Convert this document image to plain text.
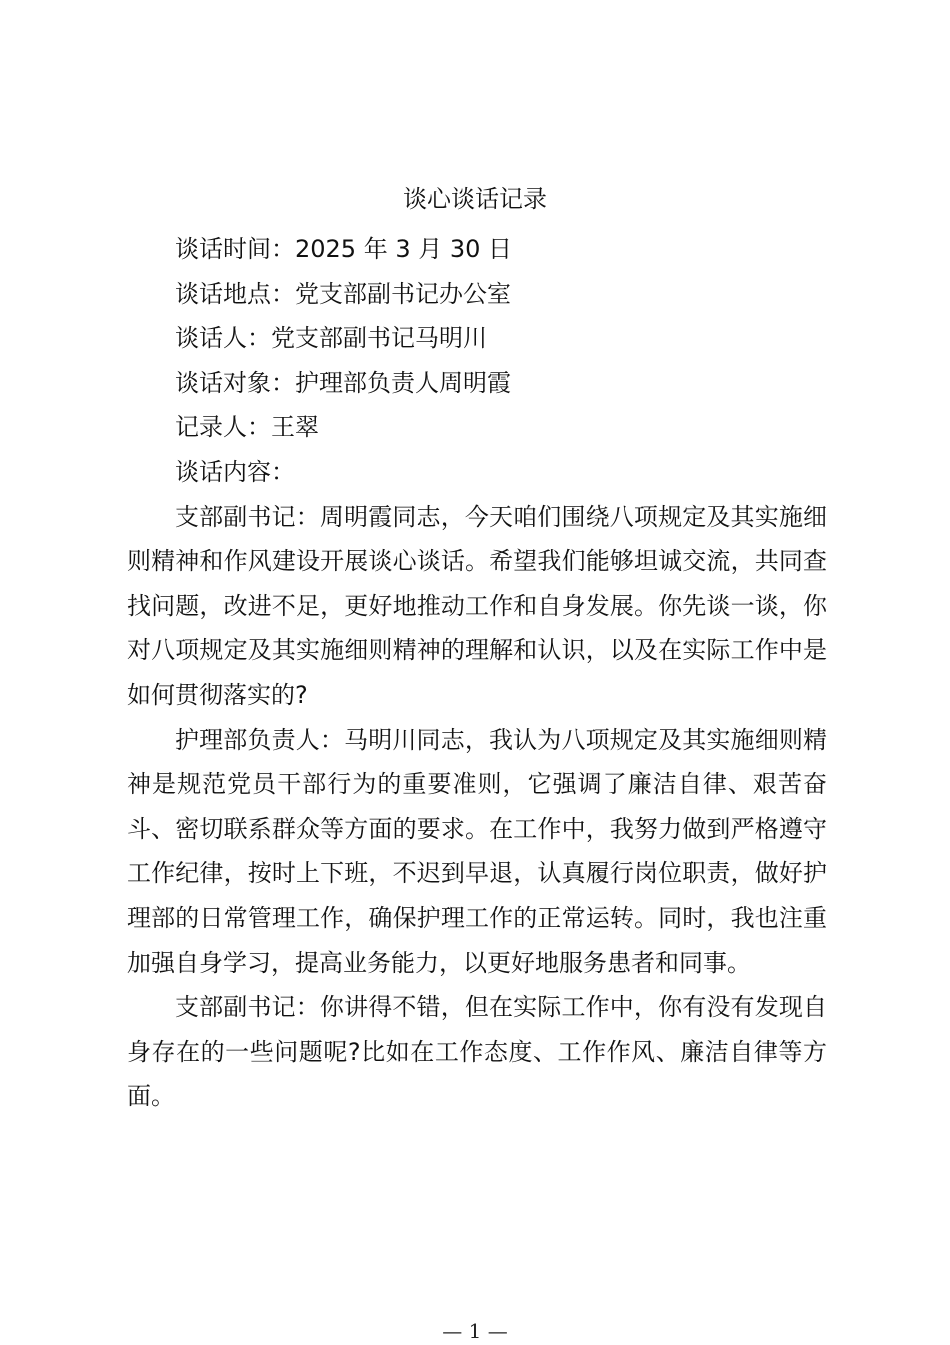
谈心谈话记录

谈话时间：2025 年 3 月 30 日

谈话地点：党支部副书记办公室

谈话人：党支部副书记马明川

谈话对象：护理部负责人周明霞

记录人：王翠

谈话内容：

支部副书记：周明霞同志，今天咱们围绕八项规定及其实施细则精神和作风建设开展谈心谈话。希望我们能够坦诚交流，共同查找问题，改进不足，更好地推动工作和自身发展。你先谈一谈，你对八项规定及其实施细则精神的理解和认识，以及在实际工作中是如何贯彻落实的?

护理部负责人：马明川同志，我认为八项规定及其实施细则精神是规范党员干部行为的重要准则，它强调了廉洁自律、艰苦奋斗、密切联系群众等方面的要求。在工作中，我努力做到严格遵守工作纪律，按时上下班，不迟到早退，认真履行岗位职责，做好护理部的日常管理工作，确保护理工作的正常运转。同时，我也注重加强自身学习，提高业务能力，以更好地服务患者和同事。

支部副书记：你讲得不错，但在实际工作中，你有没有发现自身存在的一些问题呢?比如在工作态度、工作作风、廉洁自律等方面。

— 1 —
